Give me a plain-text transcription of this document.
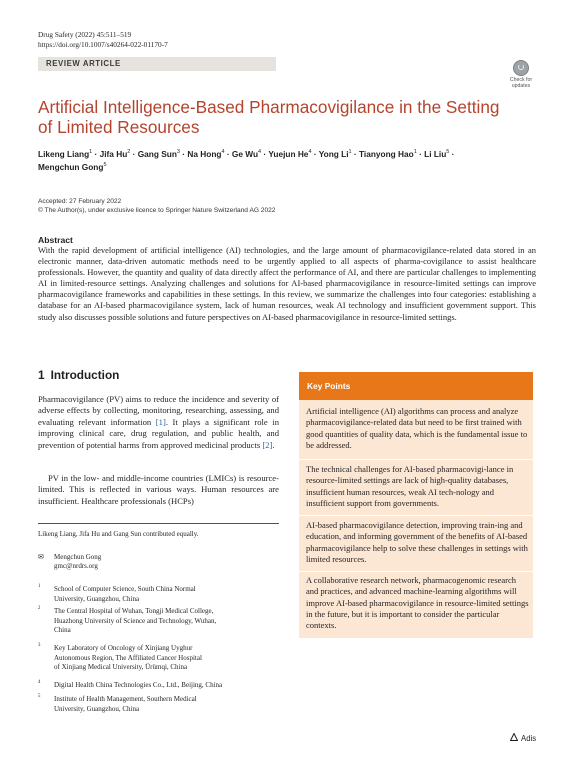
Drug Safety (2022) 45:511–519
https://doi.org/10.1007/s40264-022-01170-7
REVIEW ARTICLE
Check for
updates
Artificial Intelligence-Based Pharmacovigilance in the Setting
of Limited Resources
Likeng Liang$^1$ · Jifa $Hu^2$ · Gang Sun$^3$ · Na Hong$^4$ · Ge $Wu^4$ · Yuejun $He^4$ · Yong $Li^1$ · Tianyong Hao$^1$ · Li Liu$^5$ ·
Mengchun Gong$^5$
Accepted: 27 February 2022
© The Author(s), under exclusive licence to Springer Nature Switzerland AG 2022
Abstract
With the rapid development of artificial intelligence (AI) technologies, and the large amount of pharmacovigilance-related data stored in an electronic manner, data-driven automatic methods need to be urgently applied to all aspects of pharma-covigilance to assist healthcare professionals. However, the quantity and quality of data directly affect the performance of AI, and there are particular challenges to implementing AI in limited-resource settings. Analyzing challenges and solutions for AI-based pharmacovigilance in resource-limited settings can improve pharmacovigilance frameworks and capabilities in these settings. In this review, we summarize the challenges into four categories: establishing a database for an AI-based pharmacovigilance system, lack of human resources, weak AI technology and insufficient government support. This study also discusses possible solutions and future perspectives on AI-based pharmacovigilance in resource-limited settings.
1 Introduction
Pharmacovigilance (PV) aims to reduce the incidence and severity of adverse effects by collecting, monitoring, researching, assessing, and evaluating relevant information [1]. It plays a significant role in improving clinical care, drug regulation, and public health, and prevention of potential harms from approved medicinal products [2].
PV in the low- and middle-income countries (LMICs) is resource-limited. This is reflected in various ways. Human resources are insufficient. Healthcare professionals (HCPs)
Likeng Liang, Jifa Hu and Gang Sun contributed equally.
✉ Mengchun Gong
gmc@nrdrs.org
1 School of Computer Science, South China Normal
University, Guangzhou, China
2 The Central Hospital of Wuhan, Tongji Medical College,
Huazhong University of Science and Technology, Wuhan,
China
3 Key Laboratory of Oncology of Xinjiang Uyghur
Autonomous Region, The Affiliated Cancer Hospital
of Xinjiang Medical University, Ürümqi, China
4 Digital Health China Technologies Co., Ltd., Beijing, China
5 Institute of Health Management, Southern Medical
University, Guangzhou, China
Key Points
Artificial intelligence (AI) algorithms can process and analyze pharmacovigilance-related data but need to be first trained with good quantities of quality data, which is the fundamental issue to be addressed.
The technical challenges for AI-based pharmacovigi-lance in resource-limited settings are lack of high-quality databases, insufficient human resources, weak AI tech-nology and insufficient support from governments.
AI-based pharmacovigilance detection, improving train-ing and education, and informing government of the benefits of AI-based pharmacovigilance help to solve these challenges in settings with limited resources.
A collaborative research network, pharmacogenomic research and practices, and advanced machine-learning algorithms will improve AI-based pharmacovigilance in resource-limited settings in the future, but it is important to consider the particular contexts.
Adis
